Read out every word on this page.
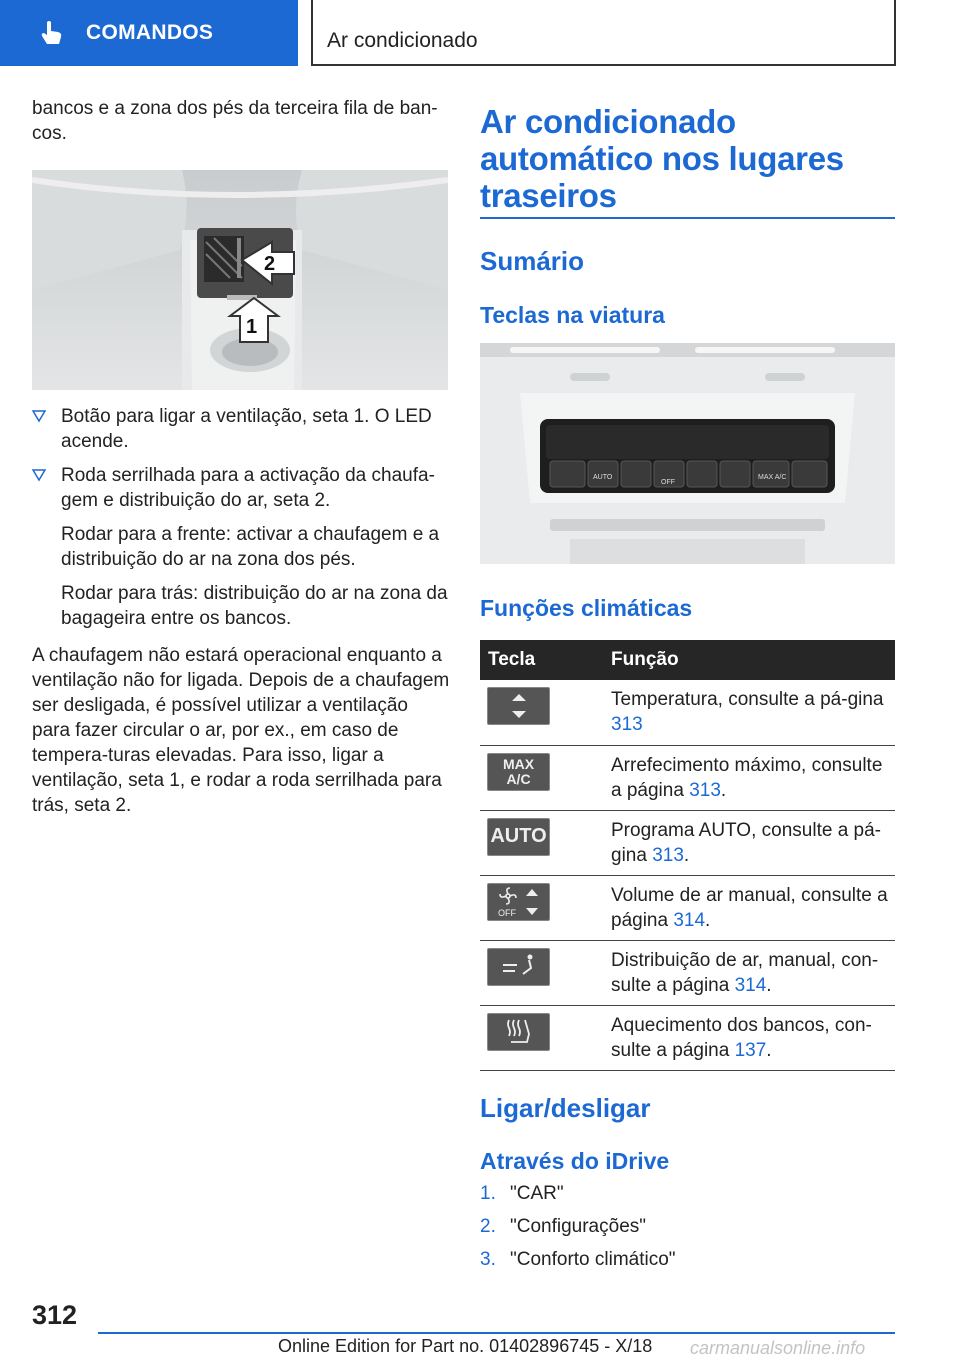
COMANDOS	Ar condicionado

bancos e a zona dos pés da terceira fila de ban-
cos.

2
1
Botão para ligar a ventilação, seta 1. O LED acende.
Roda serrilhada para a activação da chaufa-gem e distribuição do ar, seta 2.
Rodar para a frente: activar a chaufagem e a distribuição do ar na zona dos pés.
Rodar para trás: distribuição do ar na zona da bagageira entre os bancos.

A chaufagem não estará operacional enquanto a ventilação não for ligada. Depois de a chaufagem ser desligada, é possível utilizar a ventilação para fazer circular o ar, por ex., em caso de tempera-turas elevadas. Para isso, ligar a ventilação, seta 1, e rodar a roda serrilhada para trás, seta 2.

Ar condicionado automático nos lugares traseiros
Sumário
Teclas na viatura
AUTO
OFF
MAX A/C
Funções climáticas
Tecla	Função

	Temperatura, consulte a pá-gina 313

MAX
A/C	Arrefecimento máximo, consulte a página 313.

AUTO	Programa AUTO, consulte a pá-gina 313.

OFF	Volume de ar manual, consulte a página 314.

	Distribuição de ar, manual, con-sulte a página 314.

	Aquecimento dos bancos, con-sulte a página 137.
Ligar/desligar
Através do iDrive
1. "CAR"
2. "Configurações"
3. "Conforto climático"
312
Online Edition for Part no. 01402896745 - X/18 carmanualsonline.info
